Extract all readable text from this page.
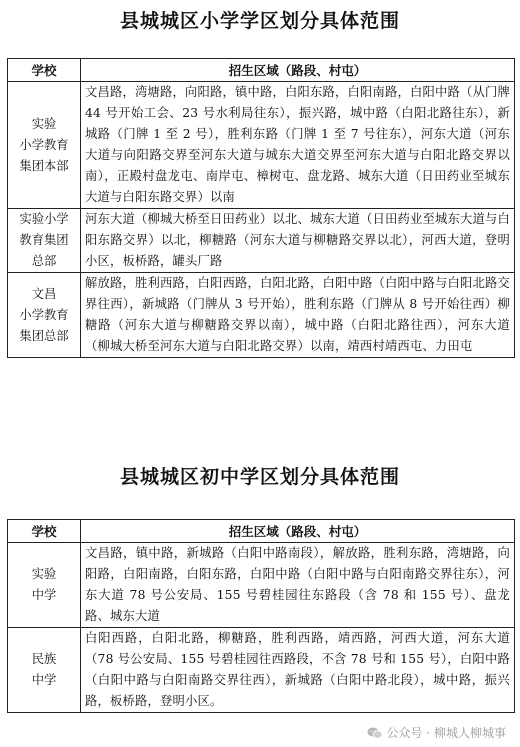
县城城区小学学区划分具体范围
学校	招生区域（路段、村屯）
实验
小学教育
集团本部	文昌路，湾塘路，向阳路，镇中路，白阳东路，白阳南路，白阳中路（从门牌 44 号开始工会、23 号水利局往东），振兴路，城中路（白阳北路往东），新城路（门牌 1 至 2 号），胜利东路（门牌 1 至 7 号往东），河东大道（河东大道与向阳路交界至河东大道与城东大道交界至河东大道与白阳北路交界以南），正殿村盘龙屯、南岸屯、樟树屯、盘龙路、城东大道（日田药业至城东大道与白阳东路交界）以南
实验小学
教育集团
总部	河东大道（柳城大桥至日田药业）以北、城东大道（日田药业至城东大道与白阳东路交界）以北，柳糖路（河东大道与柳糖路交界以北），河西大道，登明小区，板桥路，罐头厂路
文昌
小学教育
集团总部	解放路，胜利西路，白阳西路，白阳北路，白阳中路（白阳中路与白阳北路交界往西），新城路（门牌从 3 号开始），胜利东路（门牌从 8 号开始往西）柳糖路（河东大道与柳糖路交界以南），城中路（白阳北路往西），河东大道（柳城大桥至河东大道与白阳北路交界）以南，靖西村靖西屯、力田屯
县城城区初中学区划分具体范围
学校	招生区域（路段、村屯）
实验
中学	文昌路，镇中路，新城路（白阳中路南段），解放路，胜利东路，湾塘路，向阳路，白阳南路，白阳东路，白阳中路（白阳中路与白阳南路交界往东），河东大道 78 号公安局、155 号碧桂园往东路段（含 78 和 155 号）、盘龙路、城东大道
民族
中学	白阳西路，白阳北路，柳糖路，胜利西路，靖西路，河西大道，河东大道（78 号公安局、155 号碧桂园往西路段，不含 78 号和 155 号），白阳中路（白阳中路与白阳南路交界往西），新城路（白阳中路北段），城中路，振兴路，板桥路，登明小区。
公众号 · 柳城人柳城事
